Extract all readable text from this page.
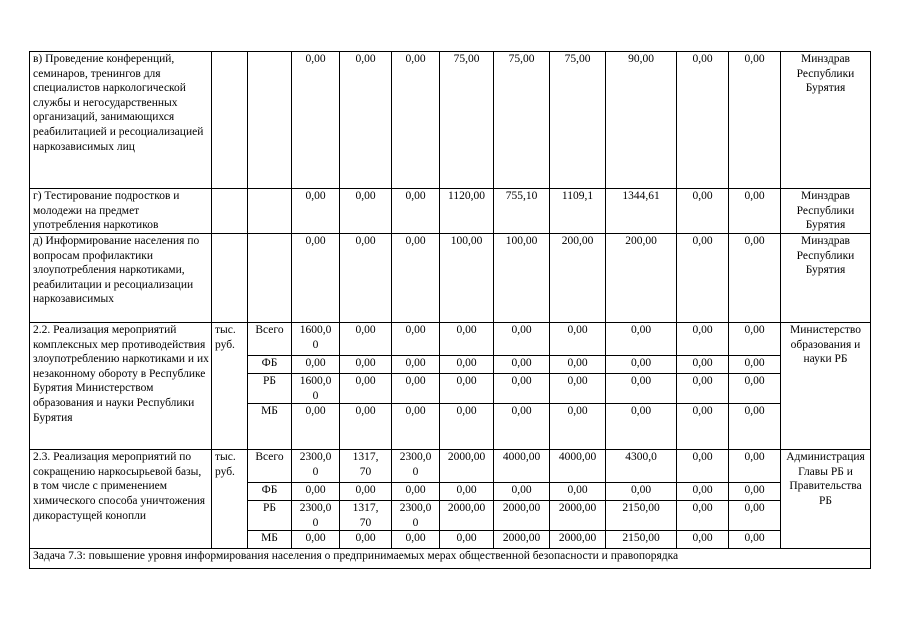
в) Проведение конференций, семинаров, тренингов для специалистов наркологической службы и негосударственных организаций, занимающихся реабилитацией и ресоциализацией наркозависимых лиц			0,00	0,00	0,00	75,00	75,00	75,00	90,00	0,00	0,00	Минздрав Республики Бурятия
г) Тестирование подростков и молодежи на предмет употребления наркотиков			0,00	0,00	0,00	1120,00	755,10	1109,1	1344,61	0,00	0,00	Минздрав Республики Бурятия
д) Информирование населения по вопросам профилактики злоупотребления наркотиками, реабилитации и ресоциализации наркозависимых			0,00	0,00	0,00	100,00	100,00	200,00	200,00	0,00	0,00	Минздрав Республики Бурятия
2.2. Реализация мероприятий комплексных мер противодействия злоупотреблению наркотиками и их незаконному обороту в Республике Бурятия Министерством образования и науки Республики Бурятия	тыс. руб.	Всего	1600,0
0	0,00	0,00	0,00	0,00	0,00	0,00	0,00	0,00	Министерство образования и науки РБ
		ФБ	0,00	0,00	0,00	0,00	0,00	0,00	0,00	0,00	0,00	
		РБ	1600,0
0	0,00	0,00	0,00	0,00	0,00	0,00	0,00	0,00	
		МБ	0,00	0,00	0,00	0,00	0,00	0,00	0,00	0,00	0,00	
2.3. Реализация мероприятий по сокращению наркосырьевой базы, в том числе с применением химического способа уничтожения дикорастущей конопли	тыс. руб.	Всего	2300,0
0	1317,
70	2300,0
0	2000,00	4000,00	4000,00	4300,0	0,00	0,00	Администрация Главы РБ и Правительства РБ
		ФБ	0,00	0,00	0,00	0,00	0,00	0,00	0,00	0,00	0,00	
		РБ	2300,0
0	1317,
70	2300,0
0	2000,00	2000,00	2000,00	2150,00	0,00	0,00	
		МБ	0,00	0,00	0,00	0,00	2000,00	2000,00	2150,00	0,00	0,00	
Задача 7.3: повышение уровня информирования населения о предпринимаемых мерах общественной безопасности и правопорядка												
